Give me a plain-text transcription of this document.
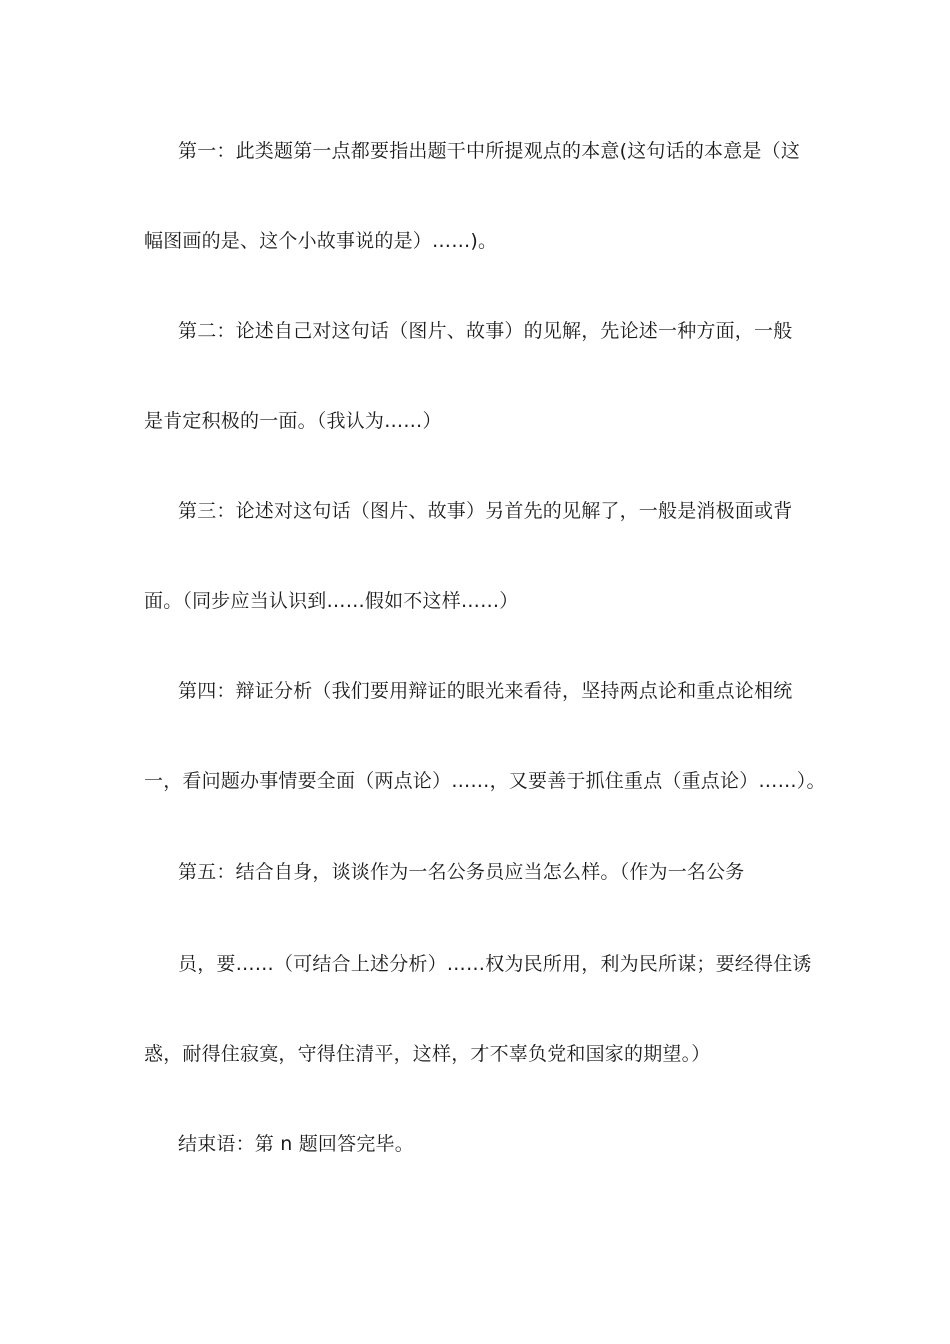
第一：此类题第一点都要指出题干中所提观点的本意(这句话的本意是（这
幅图画的是、这个小故事说的是）……)。
第二：论述自己对这句话（图片、故事）的见解，先论述一种方面，一般
是肯定积极的一面。（我认为……）
第三：论述对这句话（图片、故事）另首先的见解了，一般是消极面或背
面。（同步应当认识到……假如不这样……）
第四：辩证分析（我们要用辩证的眼光来看待，坚持两点论和重点论相统
一，看问题办事情要全面（两点论）……，又要善于抓住重点（重点论）……）。
第五：结合自身，谈谈作为一名公务员应当怎么样。（作为一名公务
员，要……（可结合上述分析）……权为民所用，利为民所谋；要经得住诱
惑，耐得住寂寞，守得住清平，这样，才不辜负党和国家的期望。）
结束语：第 n 题回答完毕。
